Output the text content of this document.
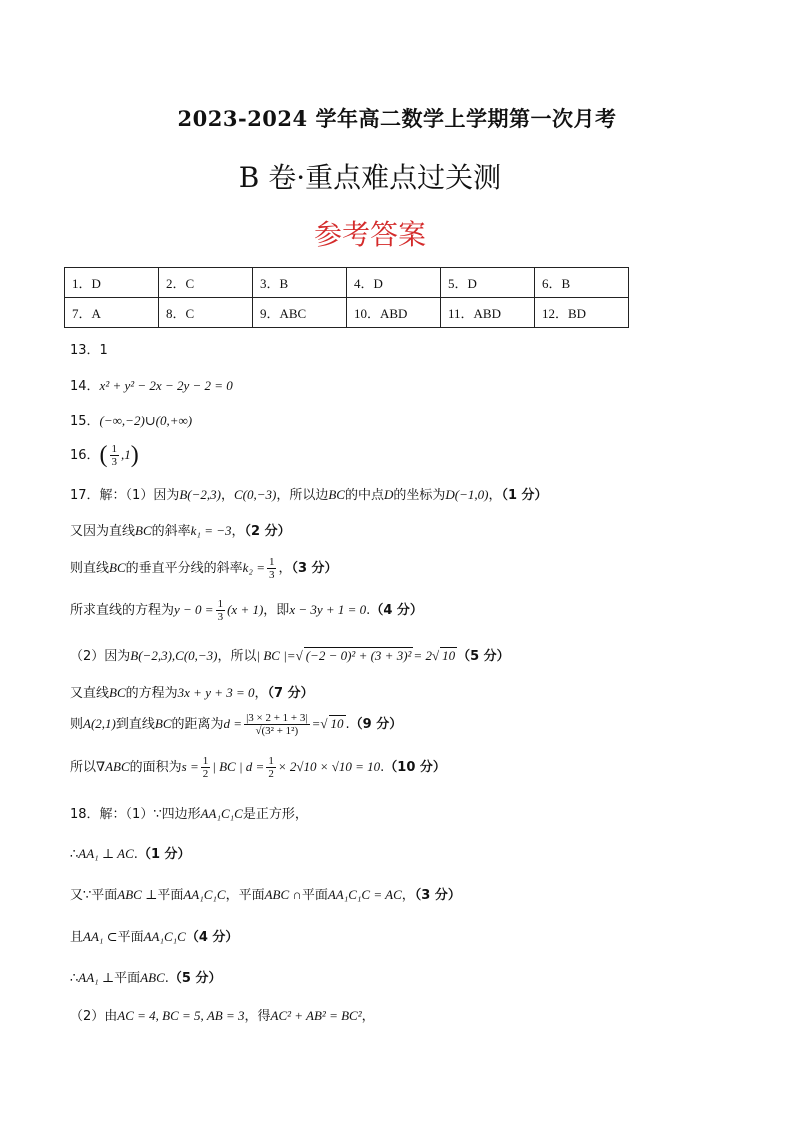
2023-2024 学年高二数学上学期第一次月考
B 卷·重点难点过关测
参考答案
1．D	2．C	3．B	4．D	5．D	6．B
7．A	8．C	9．ABC	10．ABD	11．ABD	12．BD
13．1
14．x² + y² − 2x − 2y − 2 = 0
15．(−∞,−2)∪(0,+∞)
16．( $\frac{1}{3} ,1$)
17．解：（1）因为B(−2,3)，C(0,−3)，所以边BC的中点D的坐标为D(−1,0)，（1 分）
又因为直线BC的斜率k₁ = −3，（2 分）
则直线BC的垂直平分线的斜率$k_2 = \frac{1}{3}$ ，（3 分）
所求直线的方程为$y - 0 = \frac{1}{3} (x + 1)$，即x − 3y + 1 = 0.（4 分）
（2）因为B(−2,3),C(0,−3)，所以| BC |=√ (−2 − 0)² + (3 + 3)² = 2√ 10 （5 分）
又直线BC的方程为3x + y + 3 = 0，（7 分）
则A(2,1)到直线BC的距离为$d = \frac{|3 \times 2 + 1 + 3|}{\text{√(3² + 1²)}}$ =√ 10 .（9 分）
所以∇ABC的面积为$s = \frac{1}{2}$ | BC | $d = \frac{1}{2} \times 2√10 \times √10 = 10.(10$ 分）
18．解：（1）∵四边形AA₁C₁C是正方形，
∴AA₁ ⊥ AC.（1 分）
又∵平面ABC ⊥平面AA₁C₁C，平面ABC ∩平面AA₁C₁C = AC，（3 分）
且AA₁ ⊂平面AA₁C₁C（4 分）
∴AA₁ ⊥平面ABC.（5 分）
（2）由AC = 4, BC = 5, AB = 3，得AC² + AB² = BC²，
